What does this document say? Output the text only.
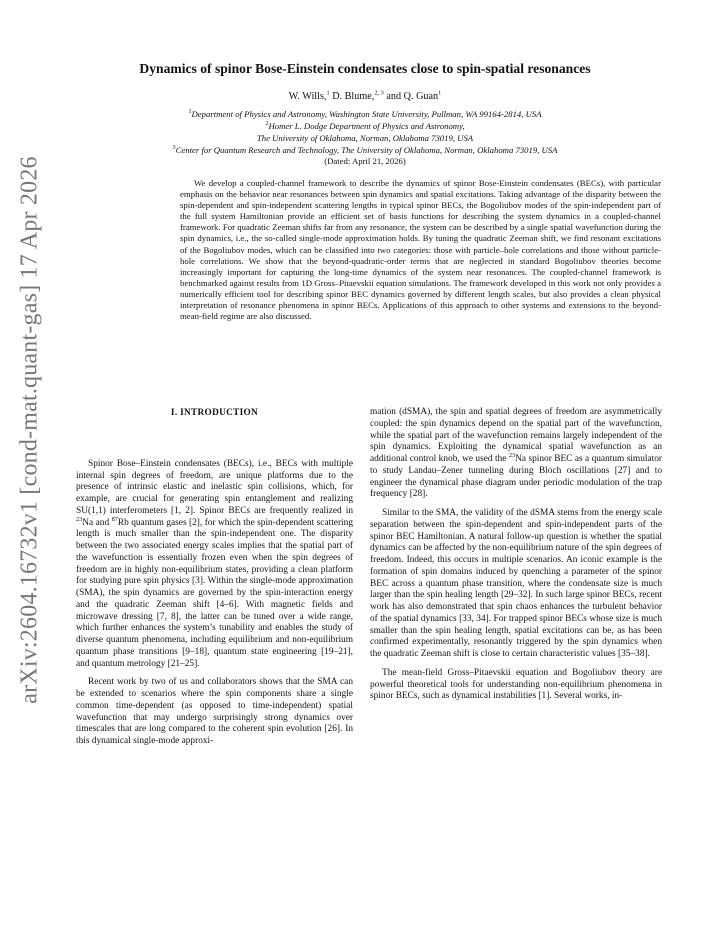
arXiv:2604.16732v1 [cond-mat.quant-gas] 17 Apr 2026
Dynamics of spinor Bose-Einstein condensates close to spin-spatial resonances
W. Wills,$^1$ D. Blume,$^{2, 3}$ and Q. Guan$^1$
$^1$Department of Physics and Astronomy, Washington State University, Pullman, WA 99164-2814, USA
$^2$Homer L. Dodge Department of Physics and Astronomy,
The University of Oklahoma, Norman, Oklahoma 73019, USA
$^3$Center for Quantum Research and Technology, The University of Oklahoma, Norman, Oklahoma 73019, USA
(Dated: April 21, 2026)

We develop a coupled-channel framework to describe the dynamics of spinor Bose-Einstein condensates (BECs), with particular emphasis on the behavior near resonances between spin dynamics and spatial excitations. Taking advantage of the disparity between the spin-dependent and spin-independent scattering lengths in typical spinor BECs, the Bogoliubov modes of the spin-independent part of the full system Hamiltonian provide an efficient set of basis functions for describing the system dynamics in a coupled-channel framework. For quadratic Zeeman shifts far from any resonance, the system can be described by a single spatial wavefunction during the spin dynamics, i.e., the so-called single-mode approximation holds. By tuning the quadratic Zeeman shift, we find resonant excitations of the Bogoliubov modes, which can be classified into two categories: those with particle–hole correlations and those without particle-hole correlations. We show that the beyond-quadratic-order terms that are neglected in standard Bogoliubov theories become increasingly important for capturing the long-time dynamics of the system near resonances. The coupled-channel framework is benchmarked against results from 1D Gross–Pitaevskii equation simulations. The framework developed in this work not only provides a numerically efficient tool for describing spinor BEC dynamics governed by different length scales, but also provides a clean physical interpretation of resonance phenomena in spinor BECs. Applications of this approach to other systems and extensions to the beyond-mean-field regime are also discussed.

I. INTRODUCTION

Spinor Bose–Einstein condensates (BECs), i.e., BECs with multiple internal spin degrees of freedom, are unique platforms due to the presence of intrinsic elastic and inelastic spin collisions, which, for example, are crucial for generating spin entanglement and realizing SU(1,1) interferometers [1, 2]. Spinor BECs are frequently realized in $^{23}$Na and $^{87}$Rb quantum gases [2], for which the spin-dependent scattering length is much smaller than the spin-independent one. The disparity between the two associated energy scales implies that the spatial part of the wavefunction is essentially frozen even when the spin degrees of freedom are in highly non-equilibrium states, providing a clean platform for studying pure spin physics [3]. Within the single-mode approximation (SMA), the spin dynamics are governed by the spin-interaction energy and the quadratic Zeeman shift [4–6]. With magnetic fields and microwave dressing [7, 8], the latter can be tuned over a wide range, which further enhances the system’s tunability and enables the study of diverse quantum phenomena, including equilibrium and non-equilibrium quantum phase transitions [9–18], quantum state engineering [19–21], and quantum metrology [21–25].

Recent work by two of us and collaborators shows that the SMA can be extended to scenarios where the spin components share a single common time-dependent (as opposed to time-independent) spatial wavefunction that may undergo surprisingly strong dynamics over timescales that are long compared to the coherent spin evolution [26]. In this dynamical single-mode approxi-

mation (dSMA), the spin and spatial degrees of freedom are asymmetrically coupled: the spin dynamics depend on the spatial part of the wavefunction, while the spatial part of the wavefunction remains largely independent of the spin dynamics. Exploiting the dynamical spatial wavefunction as an additional control knob, we used the $^{23}$Na spinor BEC as a quantum simulator to study Landau–Zener tunneling during Bloch oscillations [27] and to engineer the dynamical phase diagram under periodic modulation of the trap frequency [28].

Similar to the SMA, the validity of the dSMA stems from the energy scale separation between the spin-dependent and spin-independent parts of the spinor BEC Hamiltonian. A natural follow-up question is whether the spatial dynamics can be affected by the non-equilibrium nature of the spin degrees of freedom. Indeed, this occurs in multiple scenarios. An iconic example is the formation of spin domains induced by quenching a parameter of the spinor BEC across a quantum phase transition, where the condensate size is much larger than the spin healing length [29–32]. In such large spinor BECs, recent work has also demonstrated that spin chaos enhances the turbulent behavior of the spatial dynamics [33, 34]. For trapped spinor BECs whose size is much smaller than the spin healing length, spatial excitations can be, as has been confirmed experimentally, resonantly triggered by the spin dynamics when the quadratic Zeeman shift is close to certain characteristic values [35–38].

The mean-field Gross–Pitaevskii equation and Bogoliubov theory are powerful theoretical tools for understanding non-equilibrium phenomena in spinor BECs, such as dynamical instabilities [1]. Several works, in-
